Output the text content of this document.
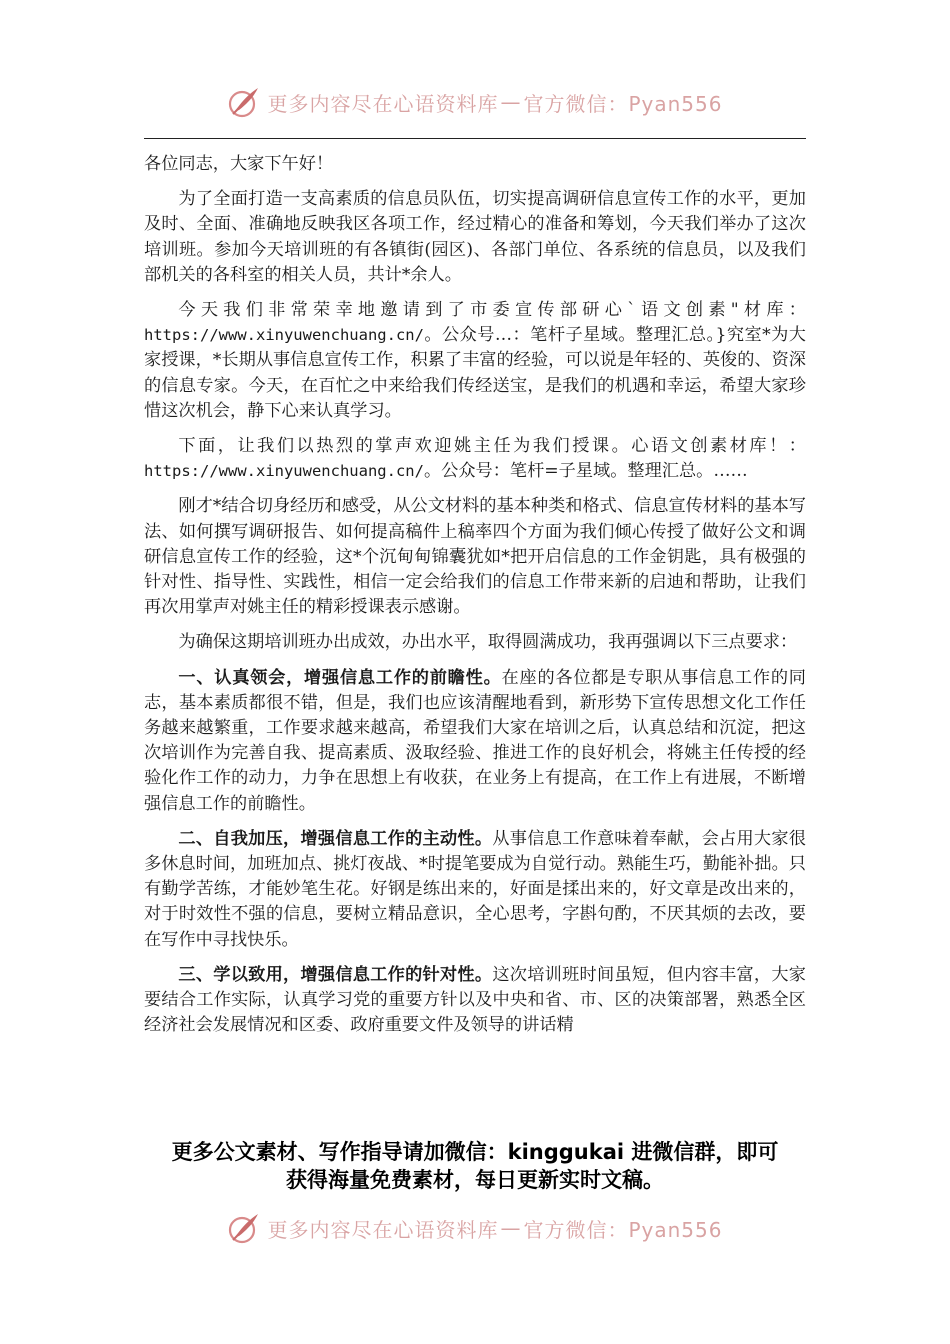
更多内容尽在心语资料库 — 官方微信：Pyan556

各位同志，大家下午好！

为了全面打造一支高素质的信息员队伍，切实提高调研信息宣传工作的水平，更加及时、全面、准确地反映我区各项工作，经过精心的准备和筹划，今天我们举办了这次培训班。参加今天培训班的有各镇街(园区)、各部门单位、各系统的信息员，以及我们部机关的各科室的相关人员，共计*余人。

今天我们非常荣幸地邀请到了市委宣传部研心`语文创素"材库：https://www.xinyuwenchuang.cn/。公众号…：笔杆子星域。整理汇总。}究室*为大家授课，*长期从事信息宣传工作，积累了丰富的经验，可以说是年轻的、英俊的、资深的信息专家。今天，在百忙之中来给我们传经送宝，是我们的机遇和幸运，希望大家珍惜这次机会，静下心来认真学习。

下面，让我们以热烈的掌声欢迎姚主任为我们授课。心语文创素材库！：https://www.xinyuwenchuang.cn/。公众号：笔杆=子星域。整理汇总。……

刚才*结合切身经历和感受，从公文材料的基本种类和格式、信息宣传材料的基本写法、如何撰写调研报告、如何提高稿件上稿率四个方面为我们倾心传授了做好公文和调研信息宣传工作的经验，这*个沉甸甸锦囊犹如*把开启信息的工作金钥匙，具有极强的针对性、指导性、实践性，相信一定会给我们的信息工作带来新的启迪和帮助，让我们再次用掌声对姚主任的精彩授课表示感谢。

为确保这期培训班办出成效，办出水平，取得圆满成功，我再强调以下三点要求：

一、认真领会，增强信息工作的前瞻性。在座的各位都是专职从事信息工作的同志，基本素质都很不错，但是，我们也应该清醒地看到，新形势下宣传思想文化工作任务越来越繁重，工作要求越来越高，希望我们大家在培训之后，认真总结和沉淀，把这次培训作为完善自我、提高素质、汲取经验、推进工作的良好机会，将姚主任传授的经验化作工作的动力，力争在思想上有收获，在业务上有提高，在工作上有进展，不断增强信息工作的前瞻性。

二、自我加压，增强信息工作的主动性。从事信息工作意味着奉献，会占用大家很多休息时间，加班加点、挑灯夜战、*时提笔要成为自觉行动。熟能生巧，勤能补拙。只有勤学苦练，才能妙笔生花。好钢是练出来的，好面是揉出来的，好文章是改出来的，对于时效性不强的信息，要树立精品意识，全心思考，字斟句酌，不厌其烦的去改，要在写作中寻找快乐。

三、学以致用，增强信息工作的针对性。这次培训班时间虽短，但内容丰富，大家要结合工作实际，认真学习党的重要方针以及中央和省、市、区的决策部署，熟悉全区经济社会发展情况和区委、政府重要文件及领导的讲话精

更多公文素材、写作指导请加微信：kinggukai 进微信群，即可
获得海量免费素材，每日更新实时文稿。
更多内容尽在心语资料库 — 官方微信：Pyan556
